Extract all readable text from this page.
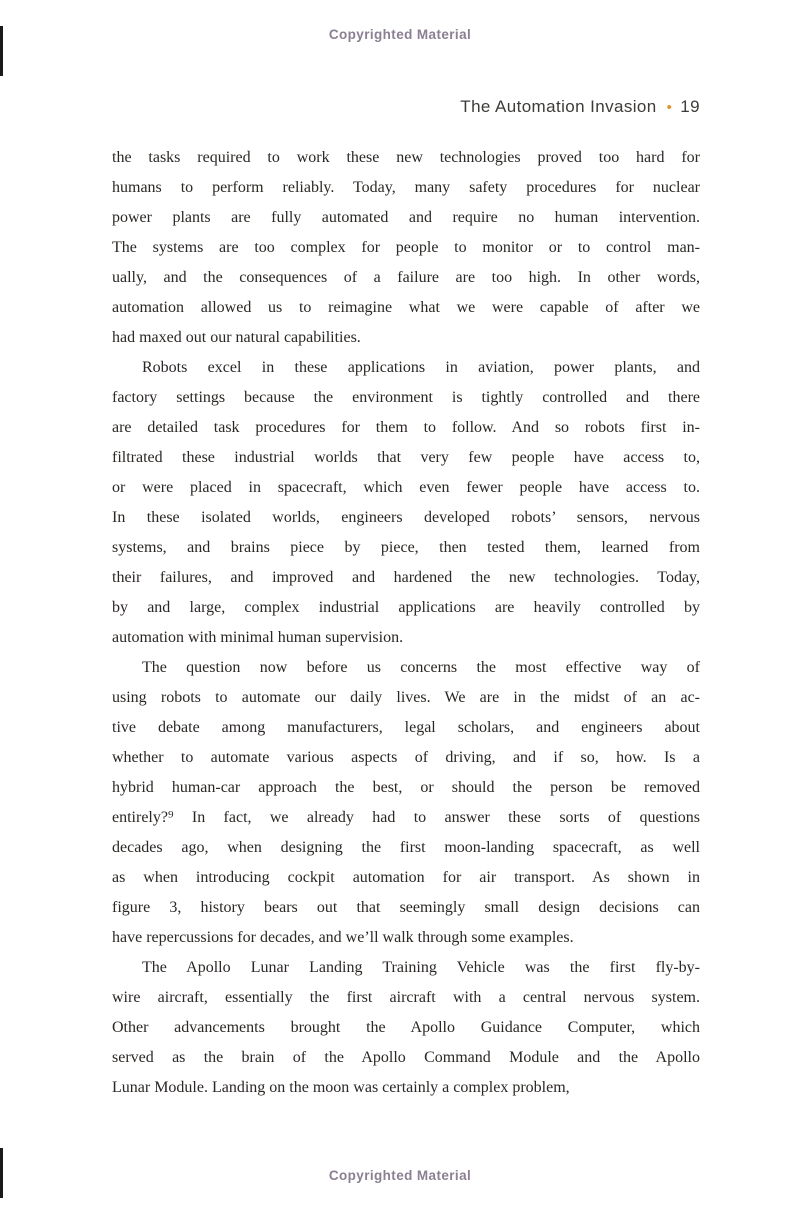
Copyrighted Material
The Automation Invasion • 19
the tasks required to work these new technologies proved too hard for
humans to perform reliably. Today, many safety procedures for nuclear
power plants are fully automated and require no human intervention.
The systems are too complex for people to monitor or to control man-
ually, and the consequences of a failure are too high. In other words,
automation allowed us to reimagine what we were capable of after we
had maxed out our natural capabilities.
Robots excel in these applications in aviation, power plants, and
factory settings because the environment is tightly controlled and there
are detailed task procedures for them to follow. And so robots first in-
filtrated these industrial worlds that very few people have access to,
or were placed in spacecraft, which even fewer people have access to.
In these isolated worlds, engineers developed robots’ sensors, nervous
systems, and brains piece by piece, then tested them, learned from
their failures, and improved and hardened the new technologies. Today,
by and large, complex industrial applications are heavily controlled by
automation with minimal human supervision.
The question now before us concerns the most effective way of
using robots to automate our daily lives. We are in the midst of an ac-
tive debate among manufacturers, legal scholars, and engineers about
whether to automate various aspects of driving, and if so, how. Is a
hybrid human-car approach the best, or should the person be removed
entirely?⁹ In fact, we already had to answer these sorts of questions
decades ago, when designing the first moon-landing spacecraft, as well
as when introducing cockpit automation for air transport. As shown in
figure 3, history bears out that seemingly small design decisions can
have repercussions for decades, and we’ll walk through some examples.
The Apollo Lunar Landing Training Vehicle was the first fly-by-
wire aircraft, essentially the first aircraft with a central nervous system.
Other advancements brought the Apollo Guidance Computer, which
served as the brain of the Apollo Command Module and the Apollo
Lunar Module. Landing on the moon was certainly a complex problem,
Copyrighted Material
